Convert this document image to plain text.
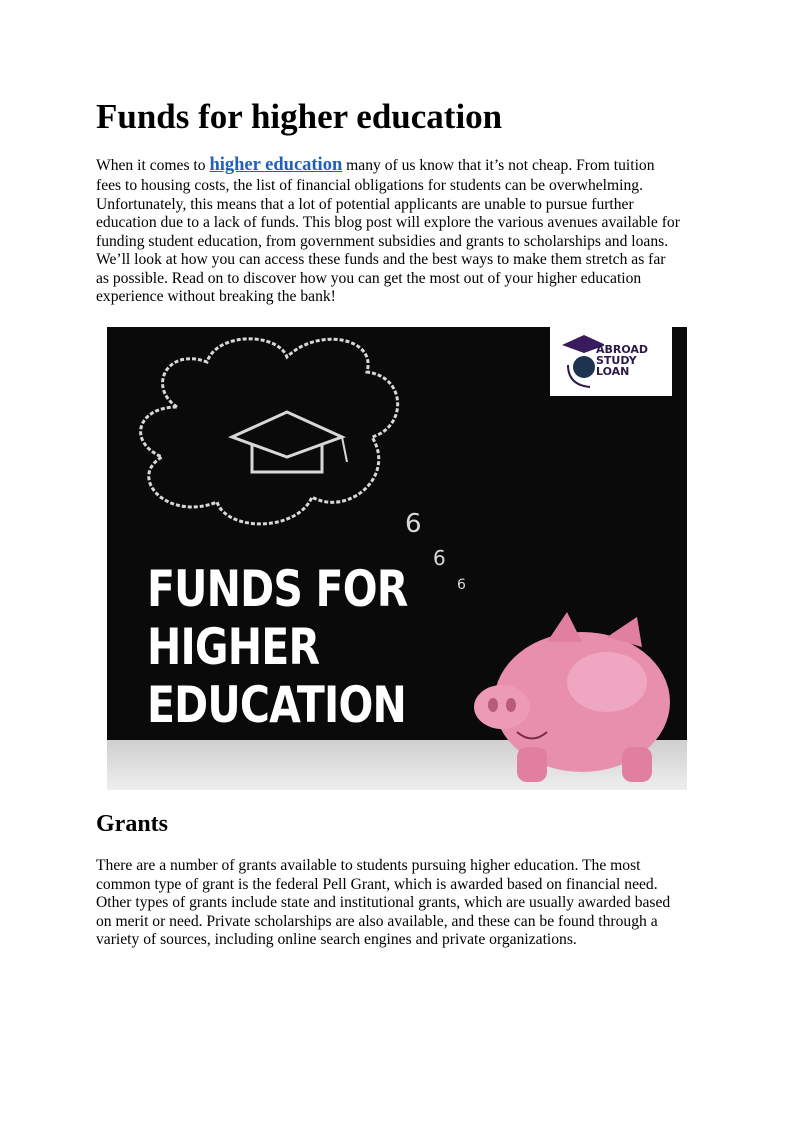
Funds for higher education
When it comes to higher education many of us know that it’s not cheap. From tuition
fees to housing costs, the list of financial obligations for students can be overwhelming.
Unfortunately, this means that a lot of potential applicants are unable to pursue further
education due to a lack of funds. This blog post will explore the various avenues available for
funding student education, from government subsidies and grants to scholarships and loans.
We’ll look at how you can access these funds and the best ways to make them stretch as far
as possible. Read on to discover how you can get the most out of your higher education
experience without breaking the bank!
6
6
6
FUNDS FOR
HIGHER
EDUCATION
ABROAD
STUDY
LOAN
Grants
There are a number of grants available to students pursuing higher education. The most
common type of grant is the federal Pell Grant, which is awarded based on financial need.
Other types of grants include state and institutional grants, which are usually awarded based
on merit or need. Private scholarships are also available, and these can be found through a
variety of sources, including online search engines and private organizations.
